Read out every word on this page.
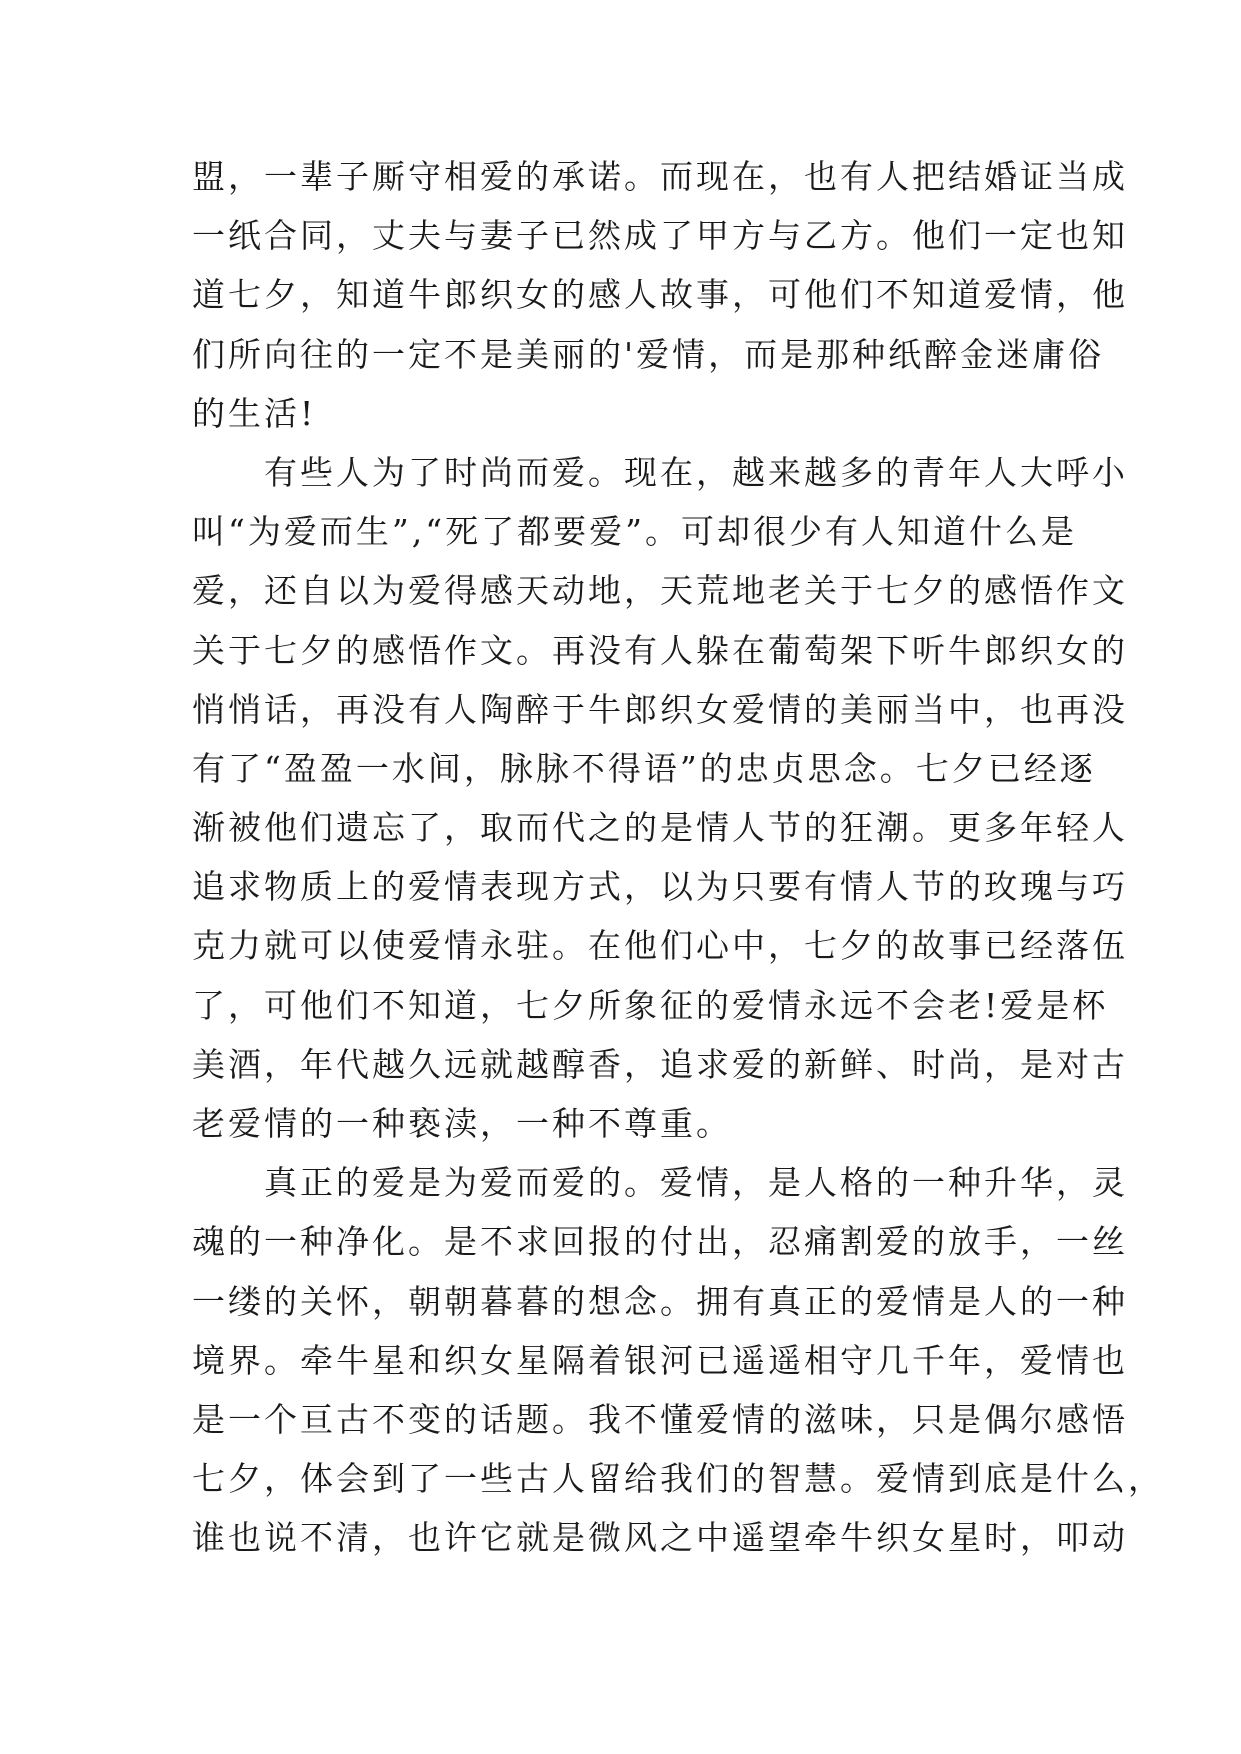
盟，一辈子厮守相爱的承诺。而现在，也有人把结婚证当成
一纸合同，丈夫与妻子已然成了甲方与乙方。他们一定也知
道七夕，知道牛郎织女的感人故事，可他们不知道爱情，他
们所向往的一定不是美丽的'爱情，而是那种纸醉金迷庸俗
的生活!
　　有些人为了时尚而爱。现在，越来越多的青年人大呼小
叫“为爱而生”,“死了都要爱”。可却很少有人知道什么是
爱，还自以为爱得感天动地，天荒地老关于七夕的感悟作文
关于七夕的感悟作文。再没有人躲在葡萄架下听牛郎织女的
悄悄话，再没有人陶醉于牛郎织女爱情的美丽当中，也再没
有了“盈盈一水间，脉脉不得语”的忠贞思念。七夕已经逐
渐被他们遗忘了，取而代之的是情人节的狂潮。更多年轻人
追求物质上的爱情表现方式，以为只要有情人节的玫瑰与巧
克力就可以使爱情永驻。在他们心中，七夕的故事已经落伍
了，可他们不知道，七夕所象征的爱情永远不会老!爱是杯
美酒，年代越久远就越醇香，追求爱的新鲜、时尚，是对古
老爱情的一种亵渎，一种不尊重。
　　真正的爱是为爱而爱的。爱情，是人格的一种升华，灵
魂的一种净化。是不求回报的付出，忍痛割爱的放手，一丝
一缕的关怀，朝朝暮暮的想念。拥有真正的爱情是人的一种
境界。牵牛星和织女星隔着银河已遥遥相守几千年，爱情也
是一个亘古不变的话题。我不懂爱情的滋味，只是偶尔感悟
七夕，体会到了一些古人留给我们的智慧。爱情到底是什么，
谁也说不清，也许它就是微风之中遥望牵牛织女星时，叩动
